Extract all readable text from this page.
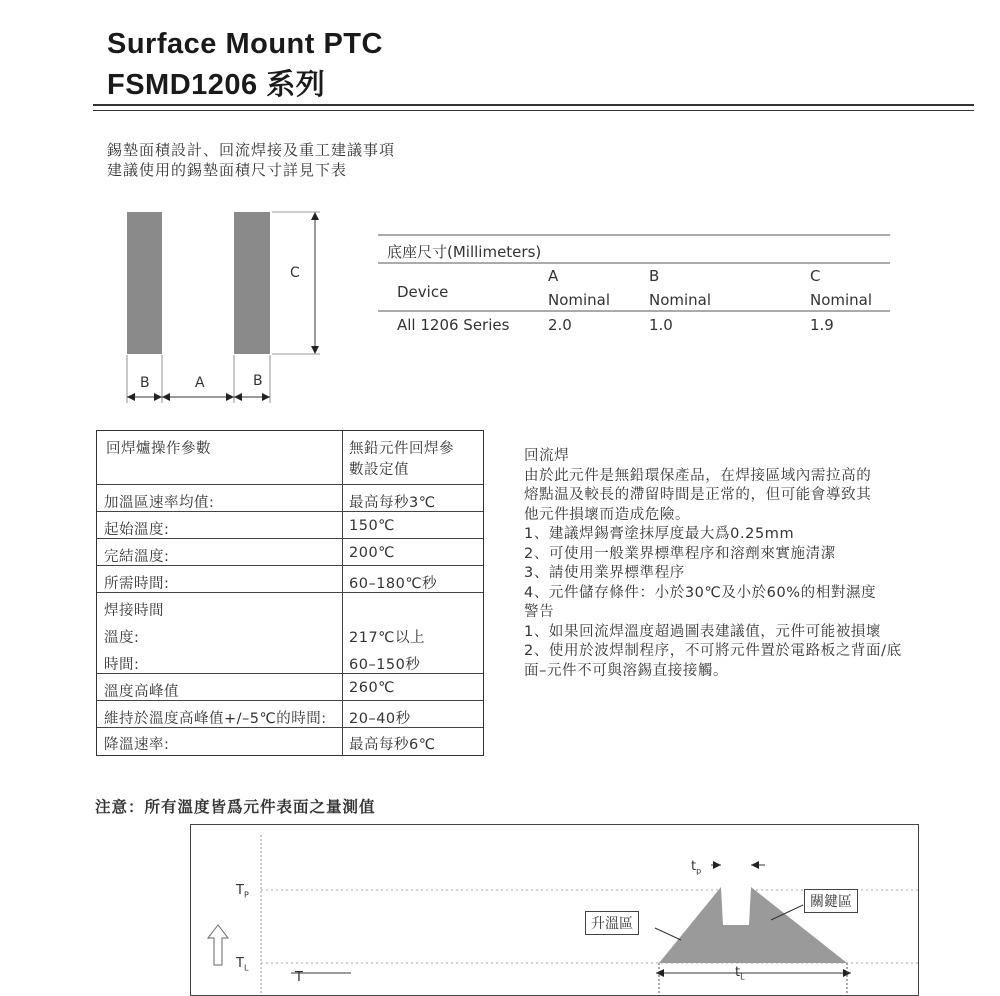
Surface Mount PTC
FSMD1206 系列
錫墊面積設計、回流焊接及重工建議事項
建議使用的錫墊面積尺寸詳見下表
C
B	A	B
底座尺寸(Millimeters)
Device
A	B	C
Nominal	Nominal	Nominal
All 1206 Series	2.0	1.0	1.9
回焊爐操作參數	無鉛元件回焊參
數設定值
加溫區速率均值:	最高每秒3℃
起始溫度:	150℃
完結溫度:	200℃
所需時間:	60–180℃秒
焊接時間
溫度:	217℃以上
時間:	60–150秒
溫度高峰值	260℃
維持於溫度高峰值+/–5℃的時間: 20–40秒
降溫速率:	最高每秒6℃
回流焊
由於此元件是無鉛環保產品，在焊接區域內需拉高的
熔點温及較長的滯留時間是正常的，但可能會導致其
他元件損壞而造成危險。
1、建議焊錫膏塗抹厚度最大爲0.25mm
2、可使用一般業界標準程序和溶劑來實施清潔
3、請使用業界標準程序
4、元件儲存條件：小於30℃及小於60%的相對濕度
警告
1、如果回流焊溫度超過圖表建議值，元件可能被損壞
2、使用於波焊制程序，不可將元件置於電路板之背面/底
面–元件不可與溶錫直接接觸。
注意：所有溫度皆爲元件表面之量測值
$T_P$
$T_L$
$t_p$
$t_L$
T
升溫區
關鍵區
